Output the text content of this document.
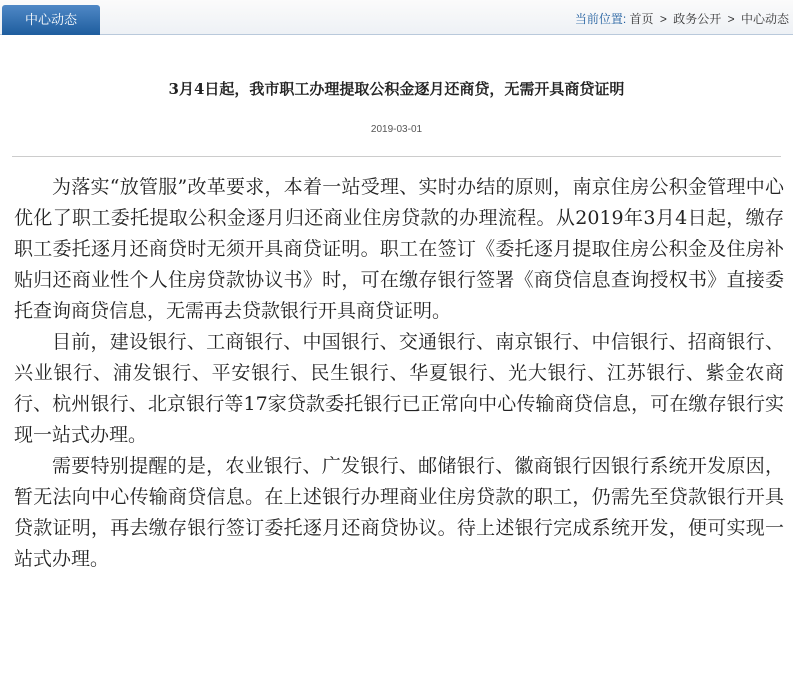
中心动态	当前位置: 首页 > 政务公开 > 中心动态
3月4日起，我市职工办理提取公积金逐月还商贷，无需开具商贷证明
2019-03-01

为落实“放管服”改革要求，本着一站受理、实时办结的原则，南京住房公积金管理中心优化了职工委托提取公积金逐月归还商业住房贷款的办理流程。从2019年3月4日起，缴存职工委托逐月还商贷时无须开具商贷证明。职工在签订《委托逐月提取住房公积金及住房补贴归还商业性个人住房贷款协议书》时，可在缴存银行签署《商贷信息查询授权书》直接委托查询商贷信息，无需再去贷款银行开具商贷证明。

目前，建设银行、工商银行、中国银行、交通银行、南京银行、中信银行、招商银行、兴业银行、浦发银行、平安银行、民生银行、华夏银行、光大银行、江苏银行、紫金农商行、杭州银行、北京银行等17家贷款委托银行已正常向中心传输商贷信息，可在缴存银行实现一站式办理。

需要特别提醒的是，农业银行、广发银行、邮储银行、徽商银行因银行系统开发原因，暂无法向中心传输商贷信息。在上述银行办理商业住房贷款的职工，仍需先至贷款银行开具贷款证明，再去缴存银行签订委托逐月还商贷协议。待上述银行完成系统开发，便可实现一站式办理。
